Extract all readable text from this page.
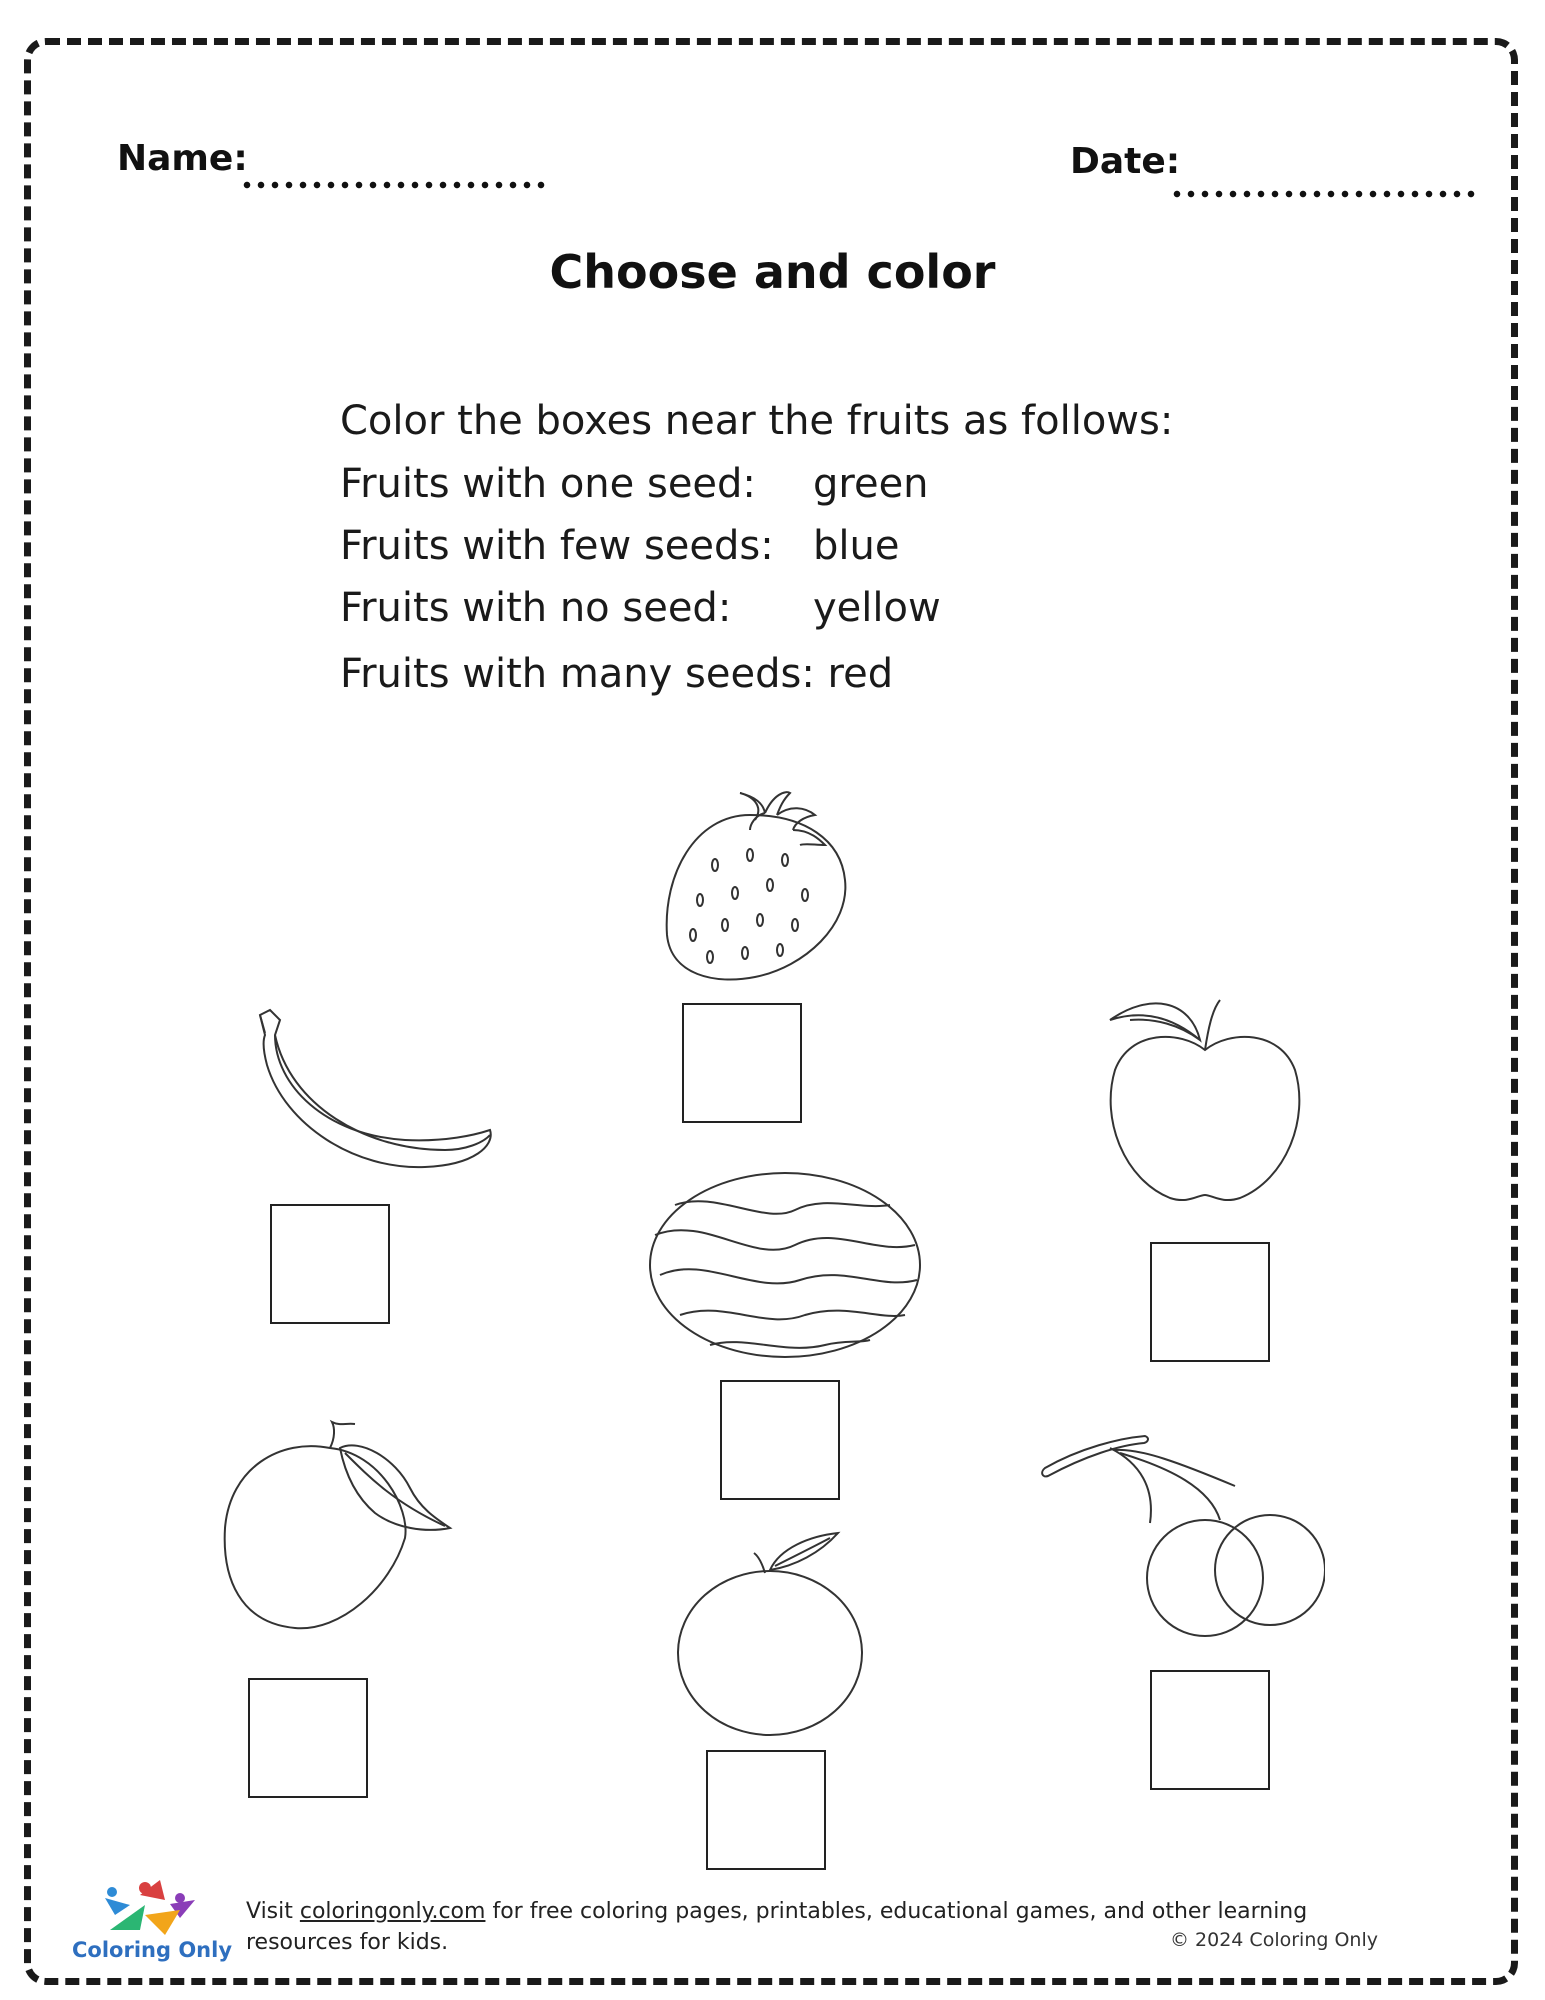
Name:	Date:
Choose and color
Color the boxes near the fruits as follows:
Fruits with one seed: green
Fruits with few seeds: blue
Fruits with no seed: yellow
Fruits with many seeds: red
Coloring Only
Visit coloringonly.com for free coloring pages, printables, educational games, and other learning resources for kids.	© 2024 Coloring Only
